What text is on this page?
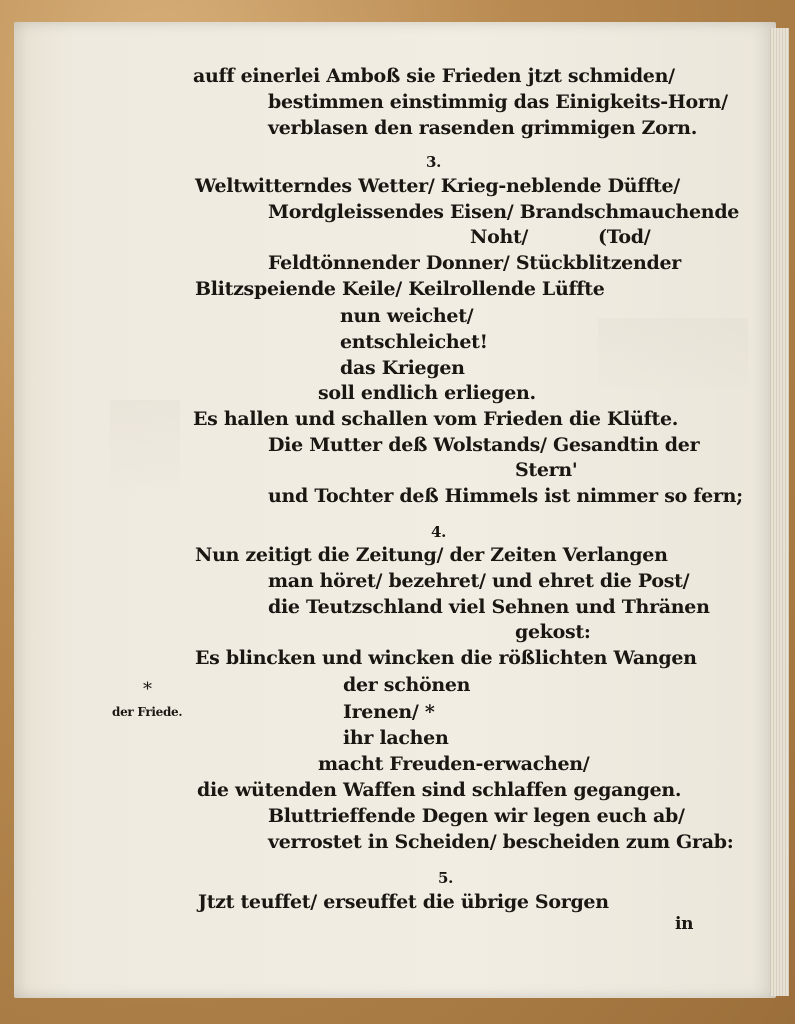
auff einerlei Amboß sie Frieden jtzt schmiden/
bestimmen einstimmig das Einigkeits-Horn/
verblasen den rasenden grimmigen Zorn.
3.
Weltwitterndes Wetter/ Krieg-neblende Düffte/
Mordgleissendes Eisen/ Brandschmauchende
Noht/	(Tod/
Feldtönnender Donner/ Stückblitzender
Blitzspeiende Keile/ Keilrollende Lüffte
nun weichet/
entschleichet!
das Kriegen
soll endlich erliegen.
Es hallen und schallen vom Frieden die Klüfte.
Die Mutter deß Wolstands/ Gesandtin der
Stern'
und Tochter deß Himmels ist nimmer so fern;
4.
Nun zeitigt die Zeitung/ der Zeiten Verlangen
man höret/ bezehret/ und ehret die Post/
die Teutzschland viel Sehnen und Thränen
gekost:
Es blincken und wincken die rößlichten Wangen
der schönen
Irenen/ *
ihr lachen
macht Freuden-erwachen/
die wütenden Waffen sind schlaffen gegangen.
Bluttrieffende Degen wir legen euch ab/
verrostet in Scheiden/ bescheiden zum Grab:
5.
Jtzt teuffet/ erseuffet die übrige Sorgen
in
*
der Friede.
